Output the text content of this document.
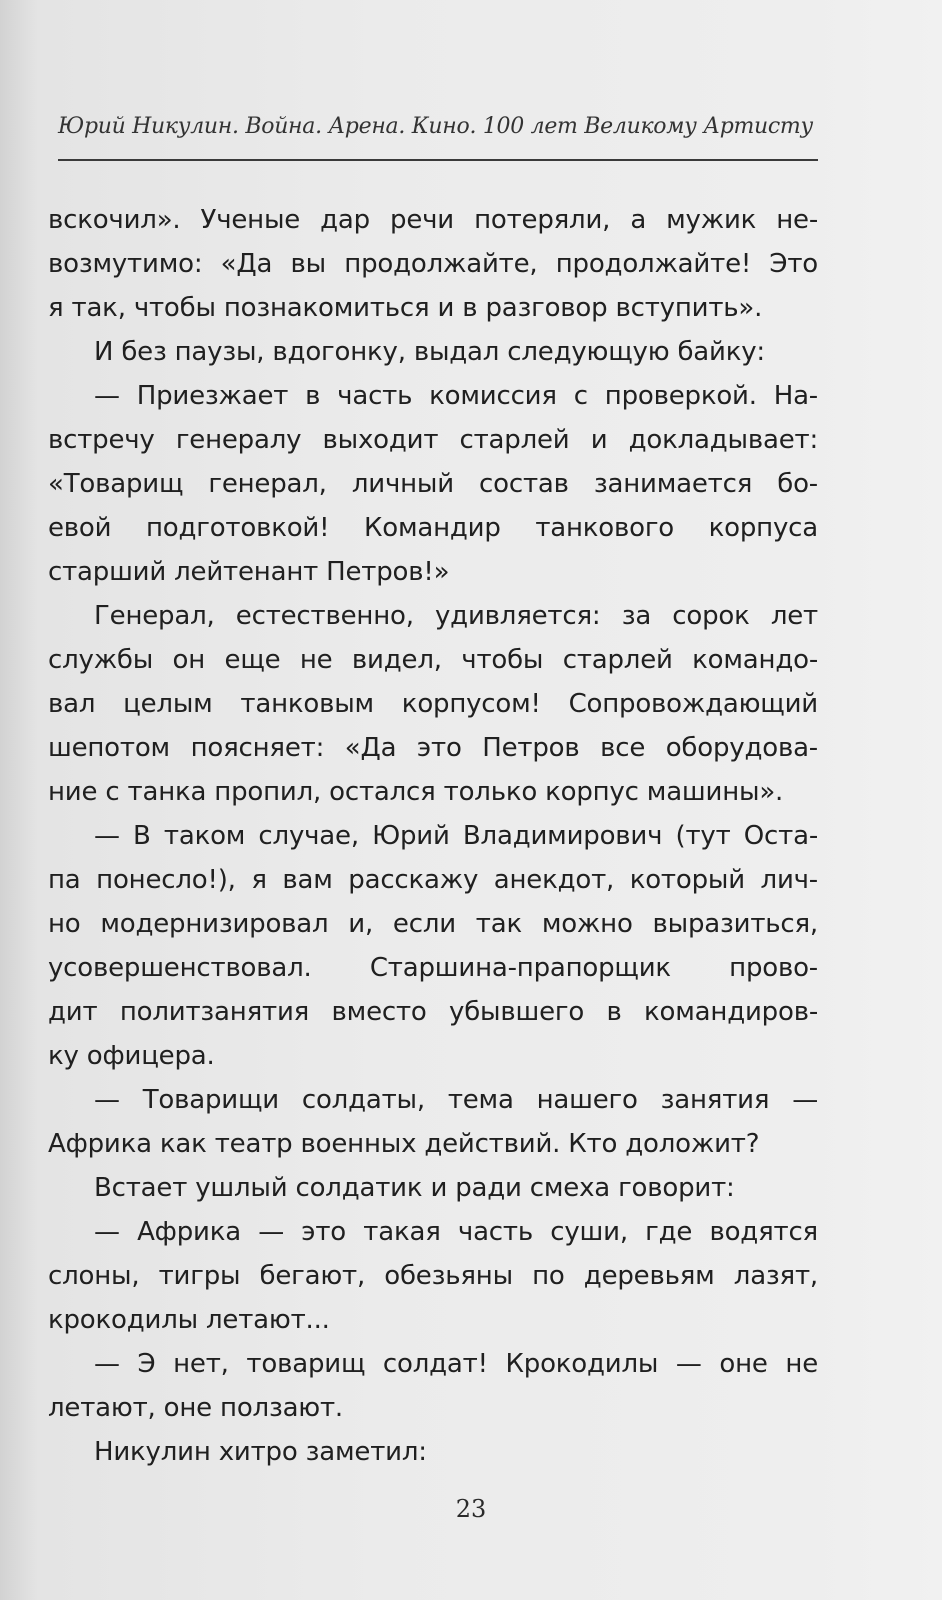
Юрий Никулин. Война. Арена. Кино. 100 лет Великому Артисту
вскочил». Ученые дар речи потеряли, а мужик не-
возмутимо: «Да вы продолжайте, продолжайте! Это
я так, чтобы познакомиться и в разговор вступить».
И без паузы, вдогонку, выдал следующую байку:
— Приезжает в часть комиссия с проверкой. На-
встречу генералу выходит старлей и докладывает:
«Товарищ генерал, личный состав занимается бо-
евой подготовкой! Командир танкового корпуса
старший лейтенант Петров!»
Генерал, естественно, удивляется: за сорок лет
службы он еще не видел, чтобы старлей командо-
вал целым танковым корпусом! Сопровождающий
шепотом поясняет: «Да это Петров все оборудова-
ние с танка пропил, остался только корпус машины».
— В таком случае, Юрий Владимирович (тут Оста-
па понесло!), я вам расскажу анекдот, который лич-
но модернизировал и, если так можно выразиться,
усовершенствовал. Старшина-прапорщик прово-
дит политзанятия вместо убывшего в командиров-
ку офицера.
— Товарищи солдаты, тема нашего занятия —
Африка как театр военных действий. Кто доложит?
Встает ушлый солдатик и ради смеха говорит:
— Африка — это такая часть суши, где водятся
слоны, тигры бегают, обезьяны по деревьям лазят,
крокодилы летают...
— Э нет, товарищ солдат! Крокодилы — оне не
летают, оне ползают.
Никулин хитро заметил:
23
